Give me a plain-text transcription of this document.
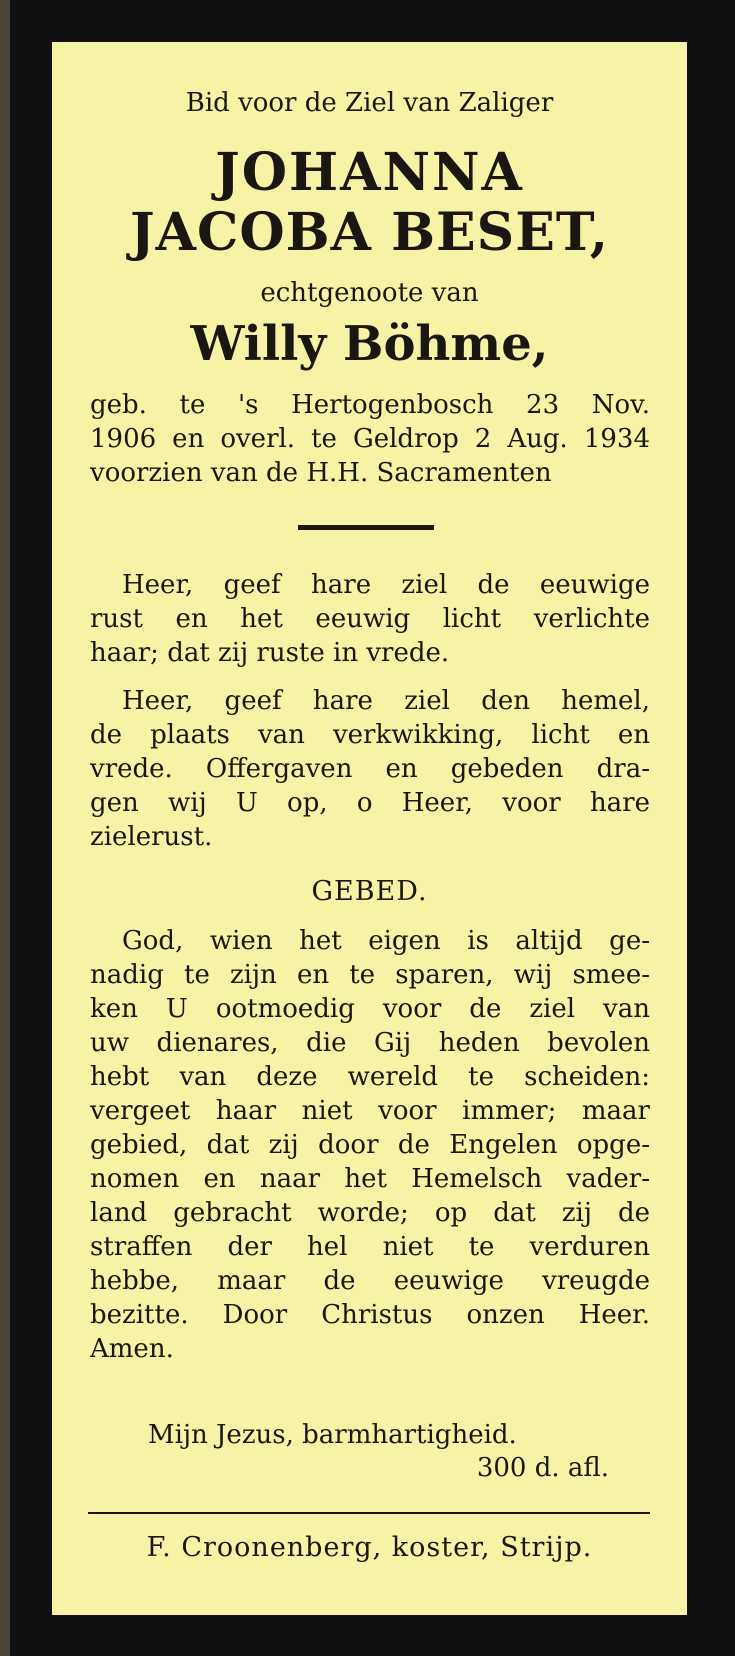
Bid voor de Ziel van Zaliger
JOHANNA
JACOBA BESET,
echtgenoote van
Willy Böhme,
geb. te 's Hertogenbosch 23 Nov.
1906 en overl. te Geldrop 2 Aug. 1934
voorzien van de H.H. Sacramenten
Heer, geef hare ziel de eeuwige
rust en het eeuwig licht verlichte
haar; dat zij ruste in vrede.
Heer, geef hare ziel den hemel,
de plaats van verkwikking, licht en
vrede. Offergaven en gebeden dra-
gen wij U op, o Heer, voor hare
zielerust.
GEBED.
God, wien het eigen is altijd ge-
nadig te zijn en te sparen, wij smee-
ken U ootmoedig voor de ziel van
uw dienares, die Gij heden bevolen
hebt van deze wereld te scheiden:
vergeet haar niet voor immer; maar
gebied, dat zij door de Engelen opge-
nomen en naar het Hemelsch vader-
land gebracht worde; op dat zij de
straffen der hel niet te verduren
hebbe, maar de eeuwige vreugde
bezitte. Door Christus onzen Heer.
Amen.
Mijn Jezus, barmhartigheid.
300 d. afl.
F. Croonenberg, koster, Strijp.
